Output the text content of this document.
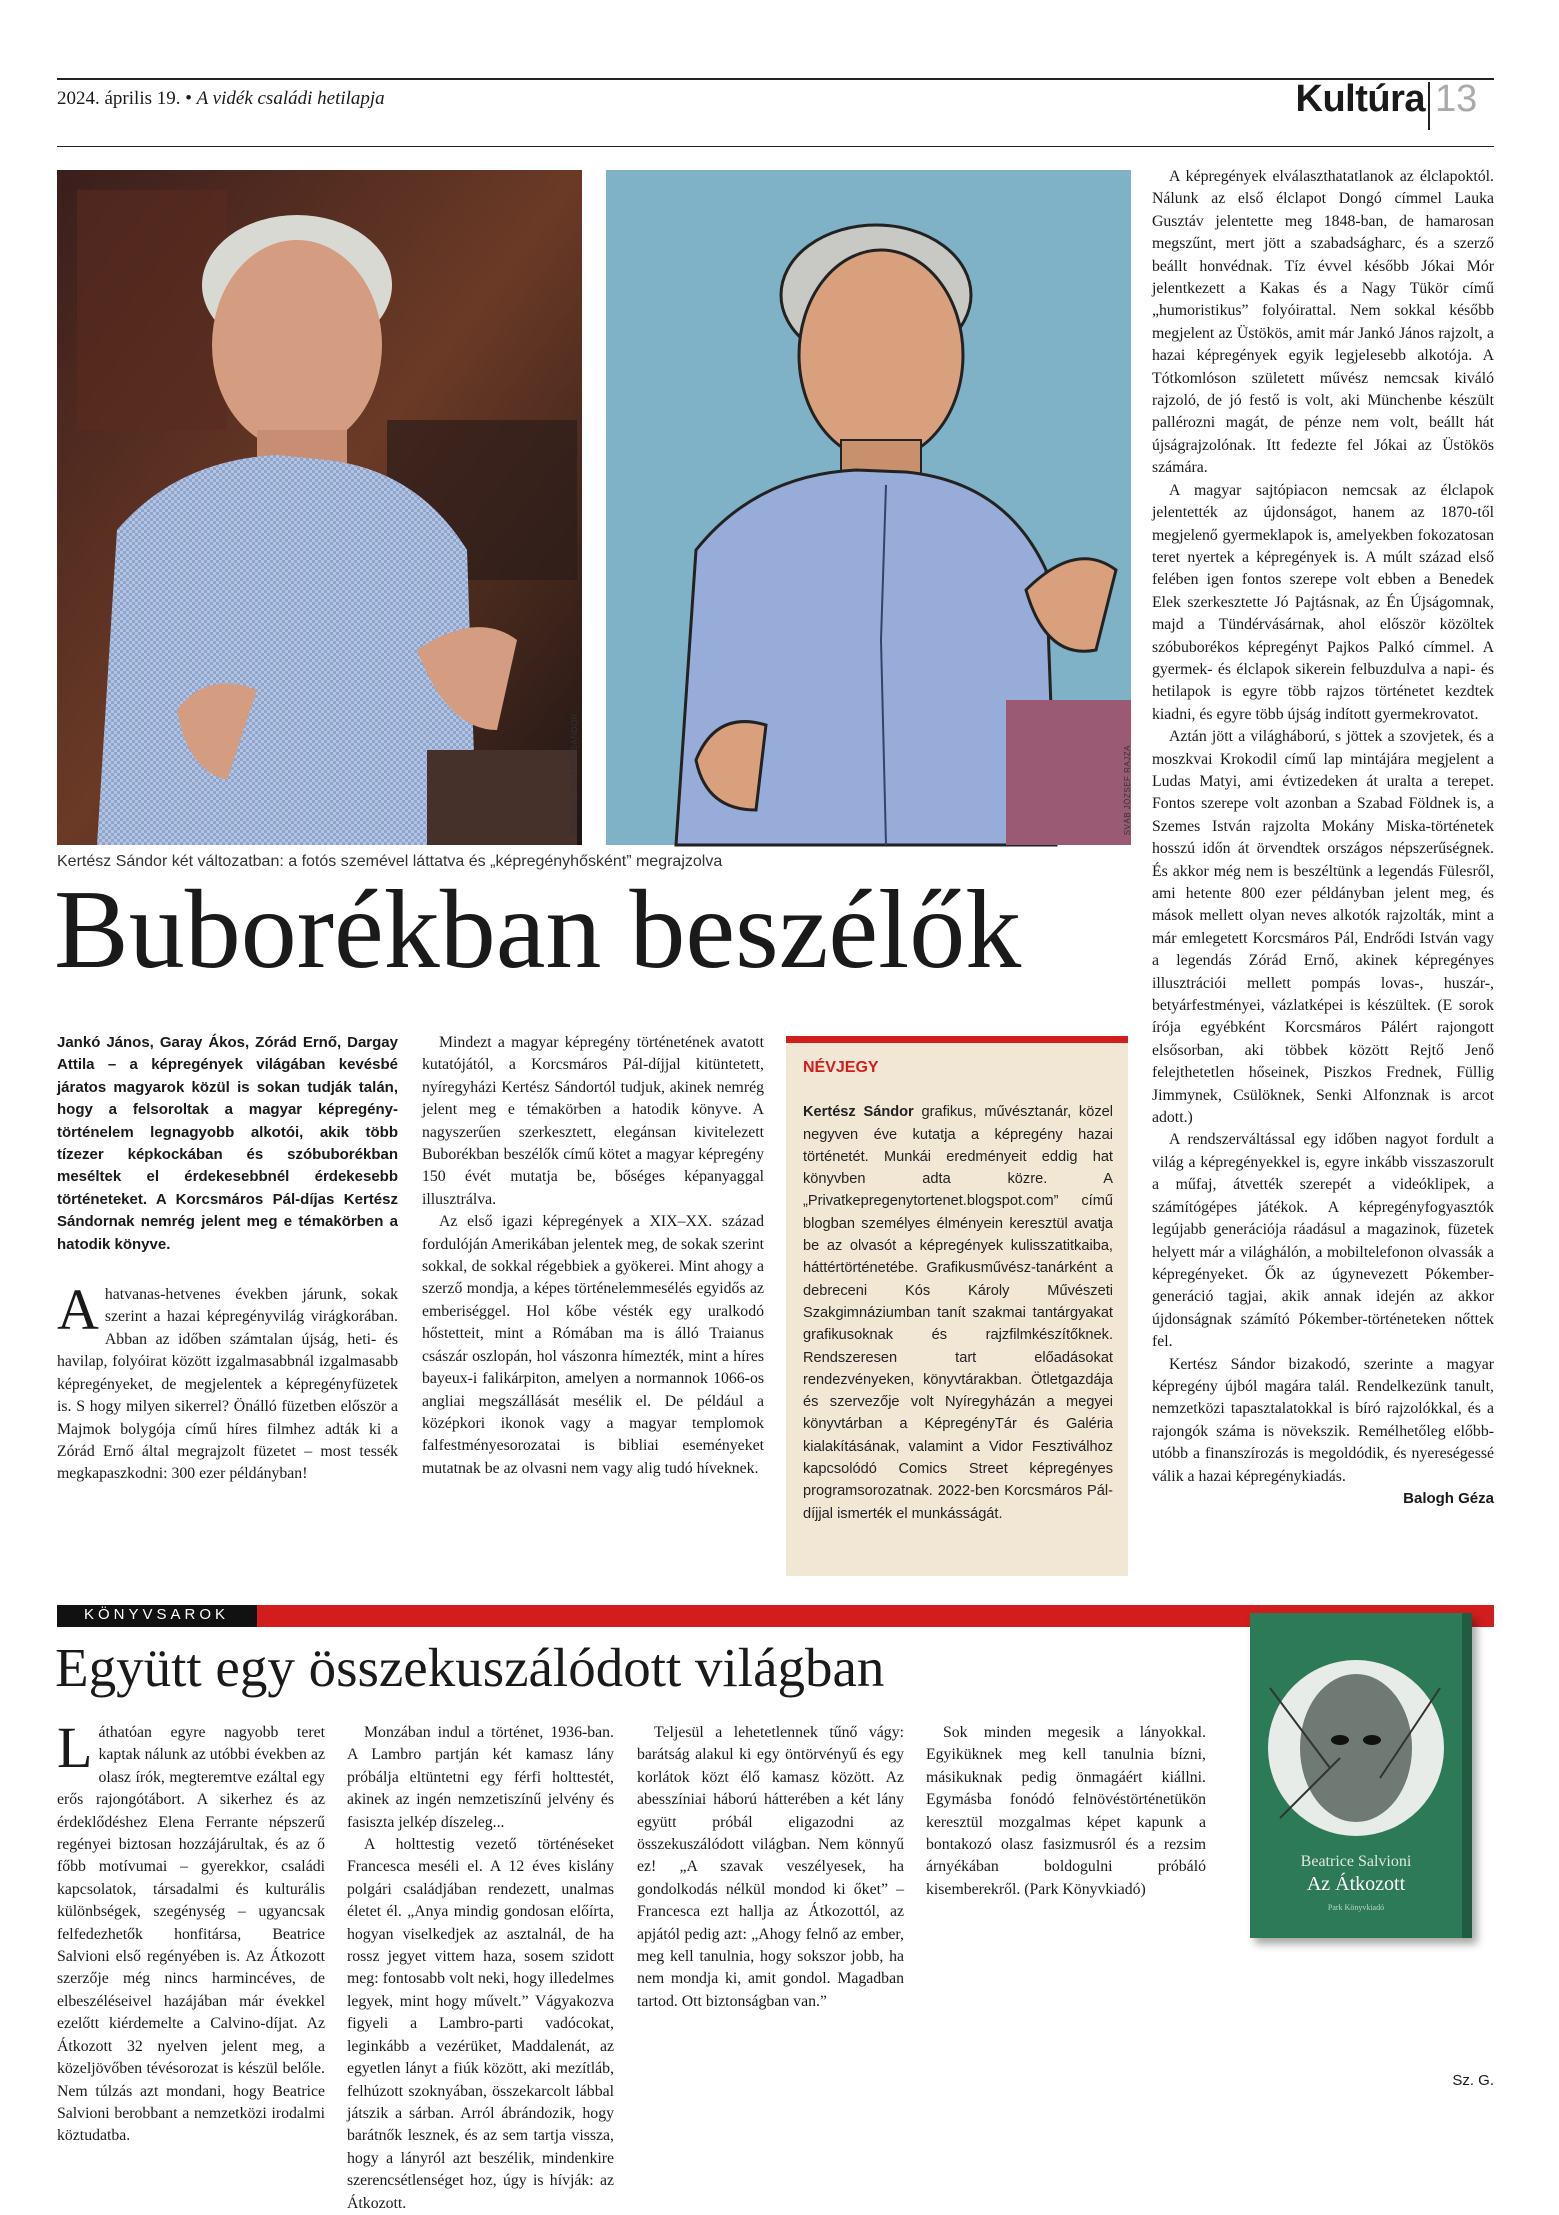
2024. április 19. • A vidék családi hetilapja	Kultúra 13
FORRÁS: KERTÉSZ SÁNDOR	SVÁB JÓZSEF RAJZA
Kertész Sándor két változatban: a fotós szemével láttatva és „képregényhősként” megrajzolva
Buborékban beszélők

Jankó János, Garay Ákos, Zórád Ernő, Dargay Attila – a képregények világában kevésbé járatos magyarok közül is sokan tudják talán, hogy a felsoroltak a magyar képregény-történelem legnagyobb alkotói, akik több tízezer képkockában és szóbuborékban meséltek el érdekesebbnél érdekesebb történeteket. A Korcsmáros Pál-díjas Kertész Sándornak nemrég jelent meg e témakörben a hatodik könyve.

Ahatvanas-hetvenes években járunk, sokak szerint a hazai képregényvilág virágkorában. Abban az időben számtalan újság, heti- és havilap, folyóirat között izgalmasabbnál izgalmasabb képregényeket, de megjelentek a képregényfüzetek is. S hogy milyen sikerrel? Önálló füzetben először a Majmok bolygója című híres filmhez adták ki a Zórád Ernő által megrajzolt füzetet – most tessék megkapaszkodni: 300 ezer példányban!

Mindezt a magyar képregény történetének avatott kutatójától, a Korcsmáros Pál-díjjal kitüntetett, nyíregyházi Kertész Sándortól tudjuk, akinek nemrég jelent meg e témakörben a hatodik könyve. A nagyszerűen szerkesztett, elegánsan kivitelezett Buborékban beszélők című kötet a magyar képregény 150 évét mutatja be, bőséges képanyaggal illusztrálva.

Az első igazi képregények a XIX–XX. század fordulóján Amerikában jelentek meg, de sokak szerint sokkal, de sokkal régebbiek a gyökerei. Mint ahogy a szerző mondja, a képes történelemmesélés egyidős az emberiséggel. Hol kőbe vésték egy uralkodó hőstetteit, mint a Rómában ma is álló Traianus császár oszlopán, hol vászonra hímezték, mint a híres bayeux-i falikárpiton, amelyen a normannok 1066-os angliai megszállását mesélik el. De például a középkori ikonok vagy a magyar templomok falfestményesorozatai is bibliai eseményeket mutatnak be az olvasni nem vagy alig tudó híveknek.

NÉVJEGY
Kertész Sándor grafikus, művésztanár, közel negyven éve kutatja a képregény hazai történetét. Munkái eredményeit eddig hat könyvben adta közre. A „Privatkepregenytortenet.blogspot.com” című blogban személyes élményein keresztül avatja be az olvasót a képregények kulisszatitkaiba, háttértörténetébe. Grafikusművész-tanárként a debreceni Kós Károly Művészeti Szakgimnáziumban tanít szakmai tantárgyakat grafikusoknak és rajzfilmkészítőknek. Rendszeresen tart előadásokat rendezvényeken, könyvtárakban. Ötletgazdája és szervezője volt Nyíregyházán a megyei könyvtárban a KépregényTár és Galéria kialakításának, valamint a Vidor Fesztiválhoz kapcsolódó Comics Street képregényes programsorozatnak. 2022-ben Korcsmáros Pál-díjjal ismerték el munkásságát.

A képregények elválaszthatatlanok az élclapoktól. Nálunk az első élclapot Dongó címmel Lauka Gusztáv jelentette meg 1848-ban, de hamarosan megszűnt, mert jött a szabadságharc, és a szerző beállt honvédnak. Tíz évvel később Jókai Mór jelentkezett a Kakas és a Nagy Tükör című „humoristikus” folyóirattal. Nem sokkal később megjelent az Üstökös, amit már Jankó János rajzolt, a hazai képregények egyik legjelesebb alkotója. A Tótkomlóson született művész nemcsak kiváló rajzoló, de jó festő is volt, aki Münchenbe készült pallérozni magát, de pénze nem volt, beállt hát újságrajzolónak. Itt fedezte fel Jókai az Üstökös számára.

A magyar sajtópiacon nemcsak az élclapok jelentették az újdonságot, hanem az 1870-től megjelenő gyermeklapok is, amelyekben fokozatosan teret nyertek a képregények is. A múlt század első felében igen fontos szerepe volt ebben a Benedek Elek szerkesztette Jó Pajtásnak, az Én Újságomnak, majd a Tündérvásárnak, ahol először közöltek szóbuborékos képregényt Pajkos Palkó címmel. A gyermek- és élclapok sikerein felbuzdulva a napi- és hetilapok is egyre több rajzos történetet kezdtek kiadni, és egyre több újság indított gyermekrovatot.

Aztán jött a világháború, s jöttek a szovjetek, és a moszkvai Krokodil című lap mintájára megjelent a Ludas Matyi, ami évtizedeken át uralta a terepet. Fontos szerepe volt azonban a Szabad Földnek is, a Szemes István rajzolta Mokány Miska-történetek hosszú időn át örvendtek országos népszerűségnek. És akkor még nem is beszéltünk a legendás Fülesről, ami hetente 800 ezer példányban jelent meg, és mások mellett olyan neves alkotók rajzolták, mint a már emlegetett Korcsmáros Pál, Endrődi István vagy a legendás Zórád Ernő, akinek képregényes illusztrációi mellett pompás lovas-, huszár-, betyárfestményei, vázlatképei is készültek. (E sorok írója egyébként Korcsmáros Pálért rajongott elsősorban, aki többek között Rejtő Jenő felejthetetlen hőseinek, Piszkos Frednek, Füllig Jimmynek, Csülöknek, Senki Alfonznak is arcot adott.)

A rendszerváltással egy időben nagyot fordult a világ a képregényekkel is, egyre inkább visszaszorult a műfaj, átvették szerepét a videóklipek, a számítógépes játékok. A képregényfogyasztók legújabb generációja ráadásul a magazinok, füzetek helyett már a világhálón, a mobiltelefonon olvassák a képregényeket. Ők az úgynevezett Pókember-generáció tagjai, akik annak idején az akkor újdonságnak számító Pókember-történeteken nőttek fel.

Kertész Sándor bizakodó, szerinte a magyar képregény újból magára talál. Rendelkezünk tanult, nemzetközi tapasztalatokkal is bíró rajzolókkal, és a rajongók száma is növekszik. Remélhetőleg előbb-utóbb a finanszírozás is megoldódik, és nyereségessé válik a hazai képregénykiadás.

Balogh Géza

KÖNYVSAROK
Együtt egy összekuszálódott világban

Láthatóan egyre nagyobb teret kaptak nálunk az utóbbi években az olasz írók, megteremtve ezáltal egy erős rajongótábort. A sikerhez és az érdeklődéshez Elena Ferrante népszerű regényei biztosan hozzájárultak, és az ő főbb motívumai – gyerekkor, családi kapcsolatok, társadalmi és kulturális különbségek, szegénység – ugyancsak felfedezhetők honfitársa, Beatrice Salvioni első regényében is. Az Átkozott szerzője még nincs harmincéves, de elbeszéléseivel hazájában már évekkel ezelőtt kiérdemelte a Calvino-díjat. Az Átkozott 32 nyelven jelent meg, a közeljövőben tévésorozat is készül belőle. Nem túlzás azt mondani, hogy Beatrice Salvioni berobbant a nemzetközi irodalmi köztudatba.

Monzában indul a történet, 1936-ban. A Lambro partján két kamasz lány próbálja eltüntetni egy férfi holttestét, akinek az ingén nemzetiszínű jelvény és fasiszta jelkép díszeleg...

A holttestig vezető történéseket Francesca meséli el. A 12 éves kislány polgári családjában rendezett, unalmas életet él. „Anya mindig gondosan előírta, hogyan viselkedjek az asztalnál, de ha rossz jegyet vittem haza, sosem szidott meg: fontosabb volt neki, hogy illedelmes legyek, mint hogy művelt.” Vágyakozva figyeli a Lambro-parti vadócokat, leginkább a vezérüket, Maddalenát, az egyetlen lányt a fiúk között, aki mezítláb, felhúzott szoknyában, összekarcolt lábbal játszik a sárban. Arról ábrándozik, hogy barátnők lesznek, és az sem tartja vissza, hogy a lányról azt beszélik, mindenkire szerencsétlenséget hoz, úgy is hívják: az Átkozott.

Teljesül a lehetetlennek tűnő vágy: barátság alakul ki egy öntörvényű és egy korlátok közt élő kamasz között. Az abesszíniai háború hátterében a két lány együtt próbál eligazodni az összekuszálódott világban. Nem könnyű ez! „A szavak veszélyesek, ha gondolkodás nélkül mondod ki őket” – Francesca ezt hallja az Átkozottól, az apjától pedig azt: „Ahogy felnő az ember, meg kell tanulnia, hogy sokszor jobb, ha nem mondja ki, amit gondol. Magadban tartod. Ott biztonságban van.”

Sok minden megesik a lányokkal. Egyiküknek meg kell tanulnia bízni, másikuknak pedig önmagáért kiállni. Egymásba fonódó felnövéstörténetükön keresztül mozgalmas képet kapunk a bontakozó olasz fasizmusról és a rezsim árnyékában boldogulni próbáló kisemberekről. (Park Könyvkiadó)

Beatrice Salvioni
Az Átkozott
Park Könyvkiadó
Sz. G.
